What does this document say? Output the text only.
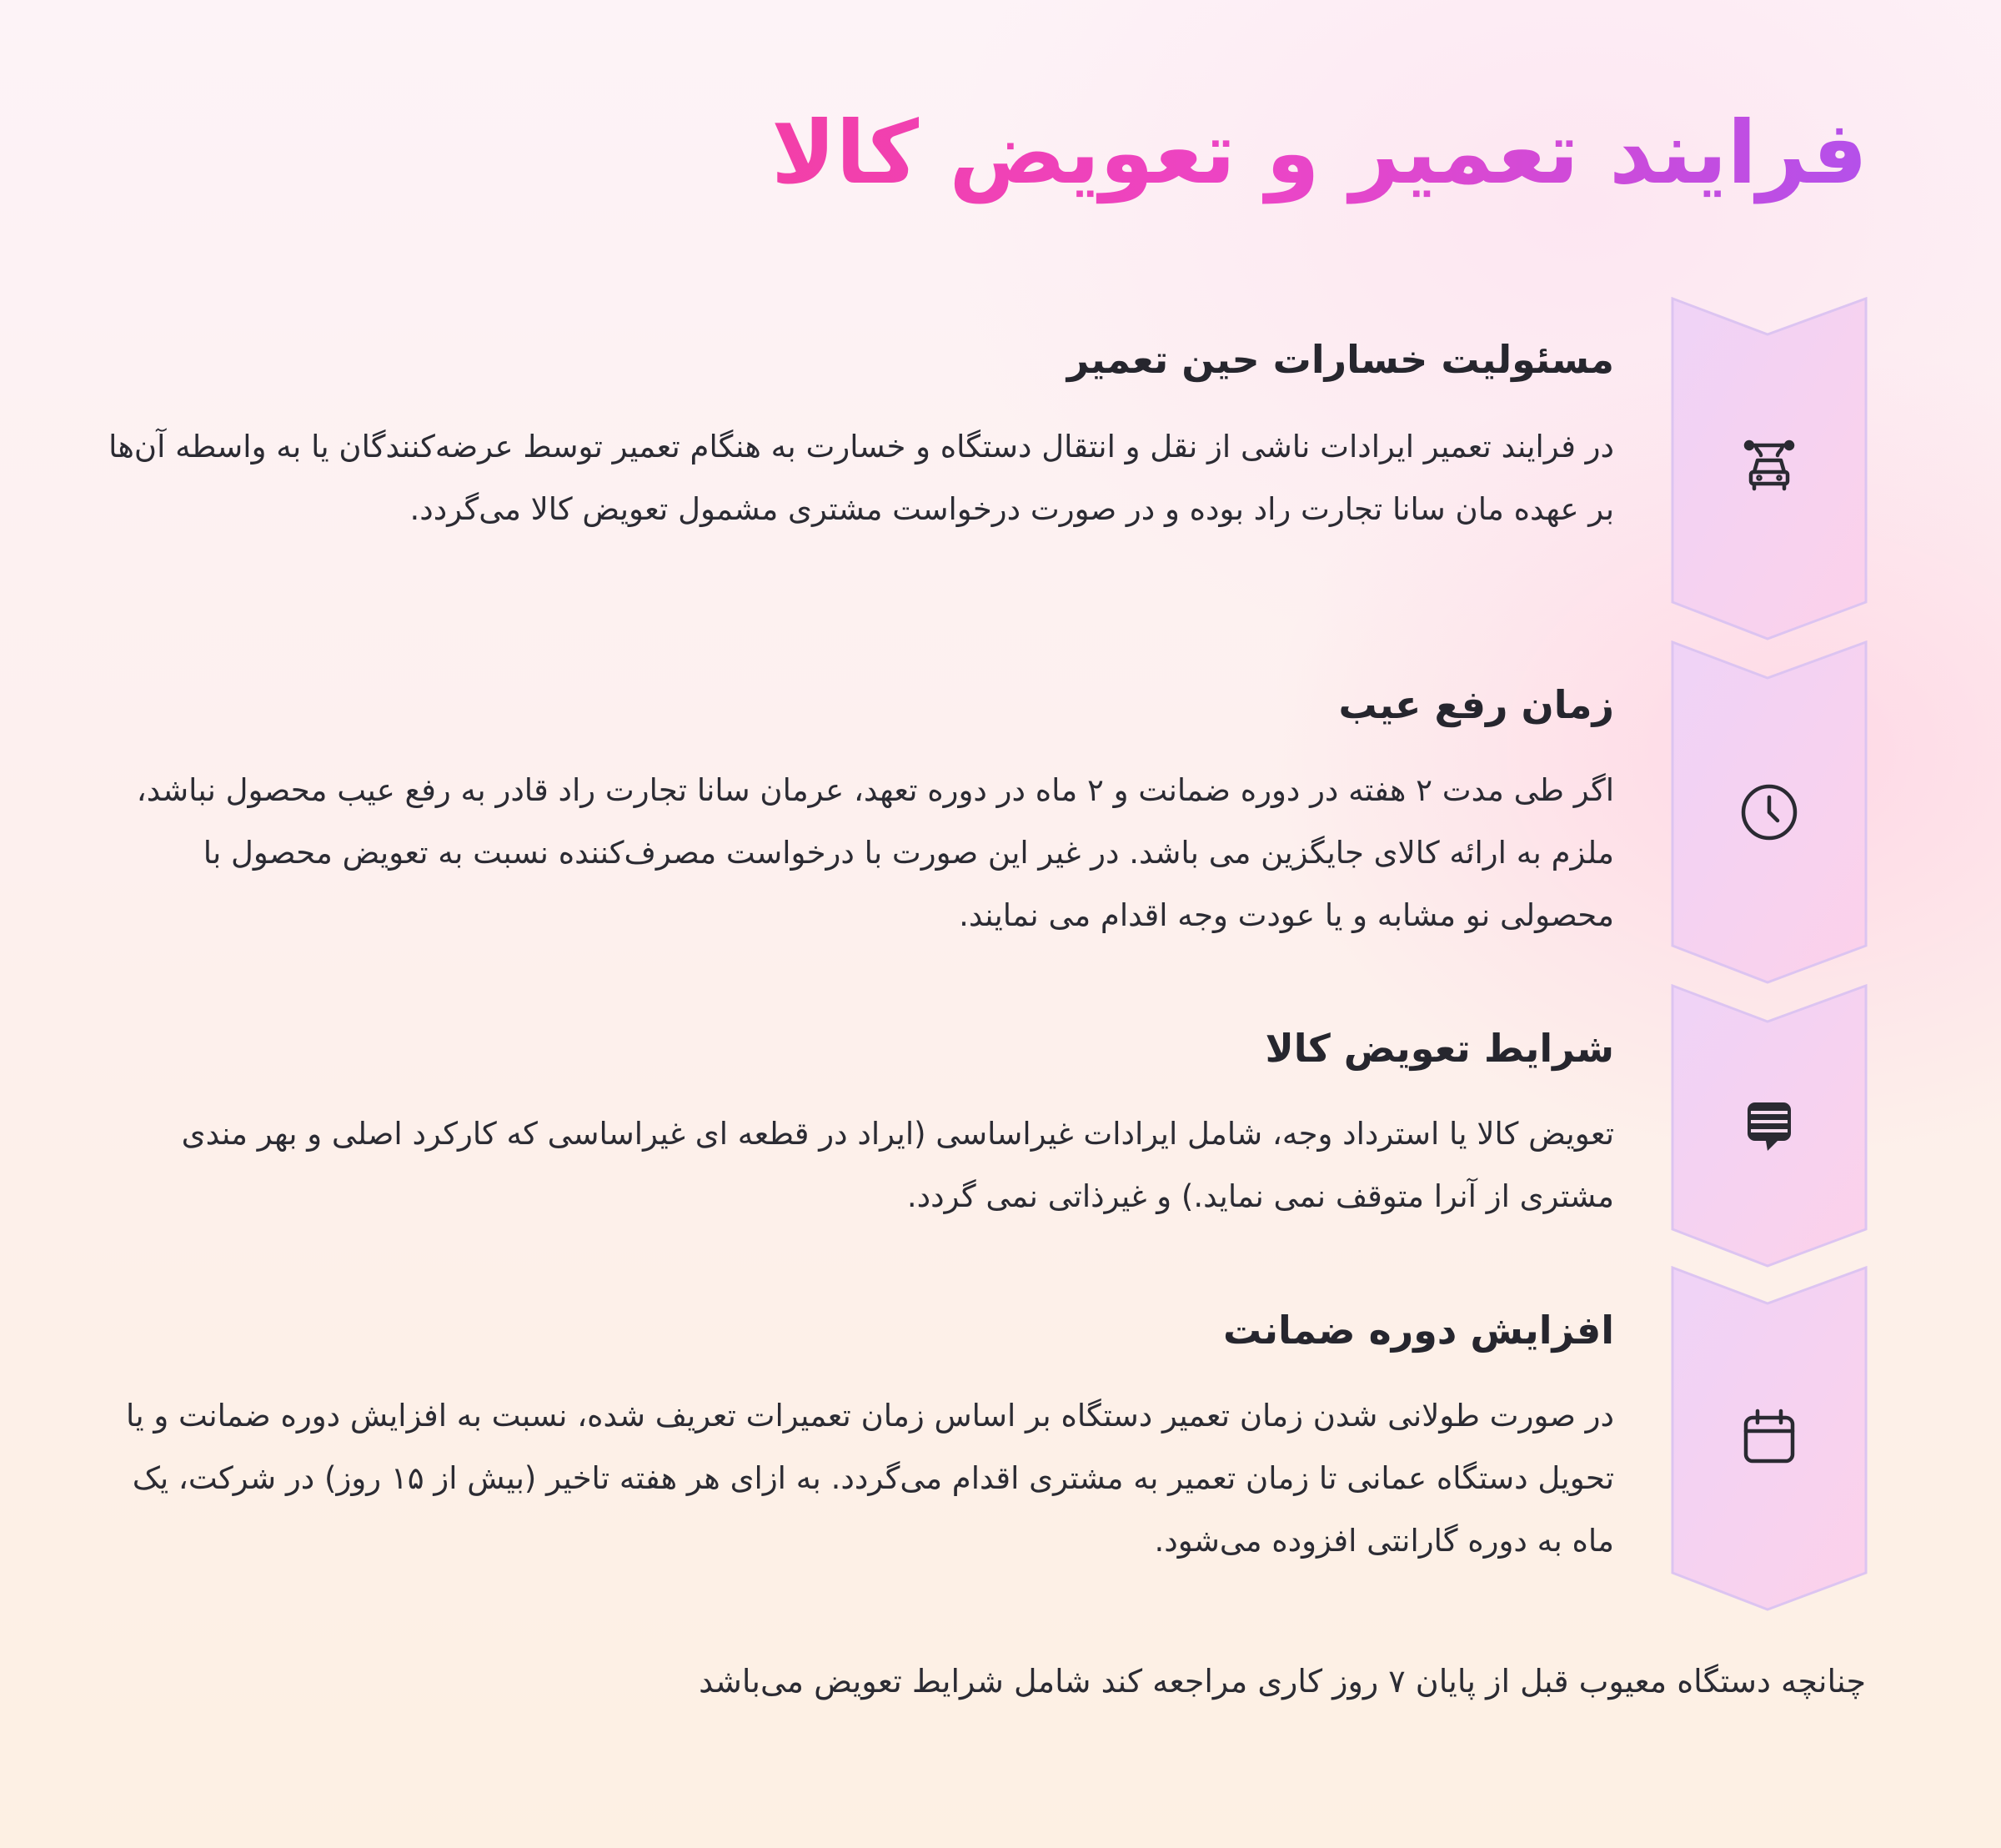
فرایند تعمیر و تعویض کالا
مسئولیت خسارات حین تعمیر

در فرایند تعمیر ایرادات ناشی از نقل و انتقال دستگاه و خسارت به هنگام تعمیر توسط عرضه‌کنندگان یا به واسطه آن‌ها بر عهده مان سانا تجارت راد بوده و در صورت درخواست مشتری مشمول تعویض کالا می‌گردد.

زمان رفع عیب

اگر طی مدت ۲ هفته در دوره ضمانت و ۲ ماه در دوره تعهد، عرمان سانا تجارت راد قادر به رفع عیب محصول نباشد، ملزم به ارائه کالای جایگزین می باشد. در غیر این صورت با درخواست مصرف‌کننده نسبت به تعویض محصول با محصولی نو مشابه و یا عودت وجه اقدام می نمایند.

شرایط تعویض کالا

تعویض کالا یا استرداد وجه، شامل ایرادات غیراساسی (ایراد در قطعه ای غیراساسی که کارکرد اصلی و بهر مندی مشتری از آنرا متوقف نمی نماید.) و غیرذاتی نمی گردد.

افزایش دوره ضمانت

در صورت طولانی شدن زمان تعمیر دستگاه بر اساس زمان تعمیرات تعریف شده، نسبت به افزایش دوره ضمانت و یا تحویل دستگاه عمانی تا زمان تعمیر به مشتری اقدام می‌گردد. به ازای هر هفته تاخیر (بیش از ۱۵ روز) در شرکت، یک ماه به دوره گارانتی افزوده می‌شود.

چنانچه دستگاه معیوب قبل از پایان ۷ روز کاری مراجعه کند شامل شرایط تعویض می‌باشد
